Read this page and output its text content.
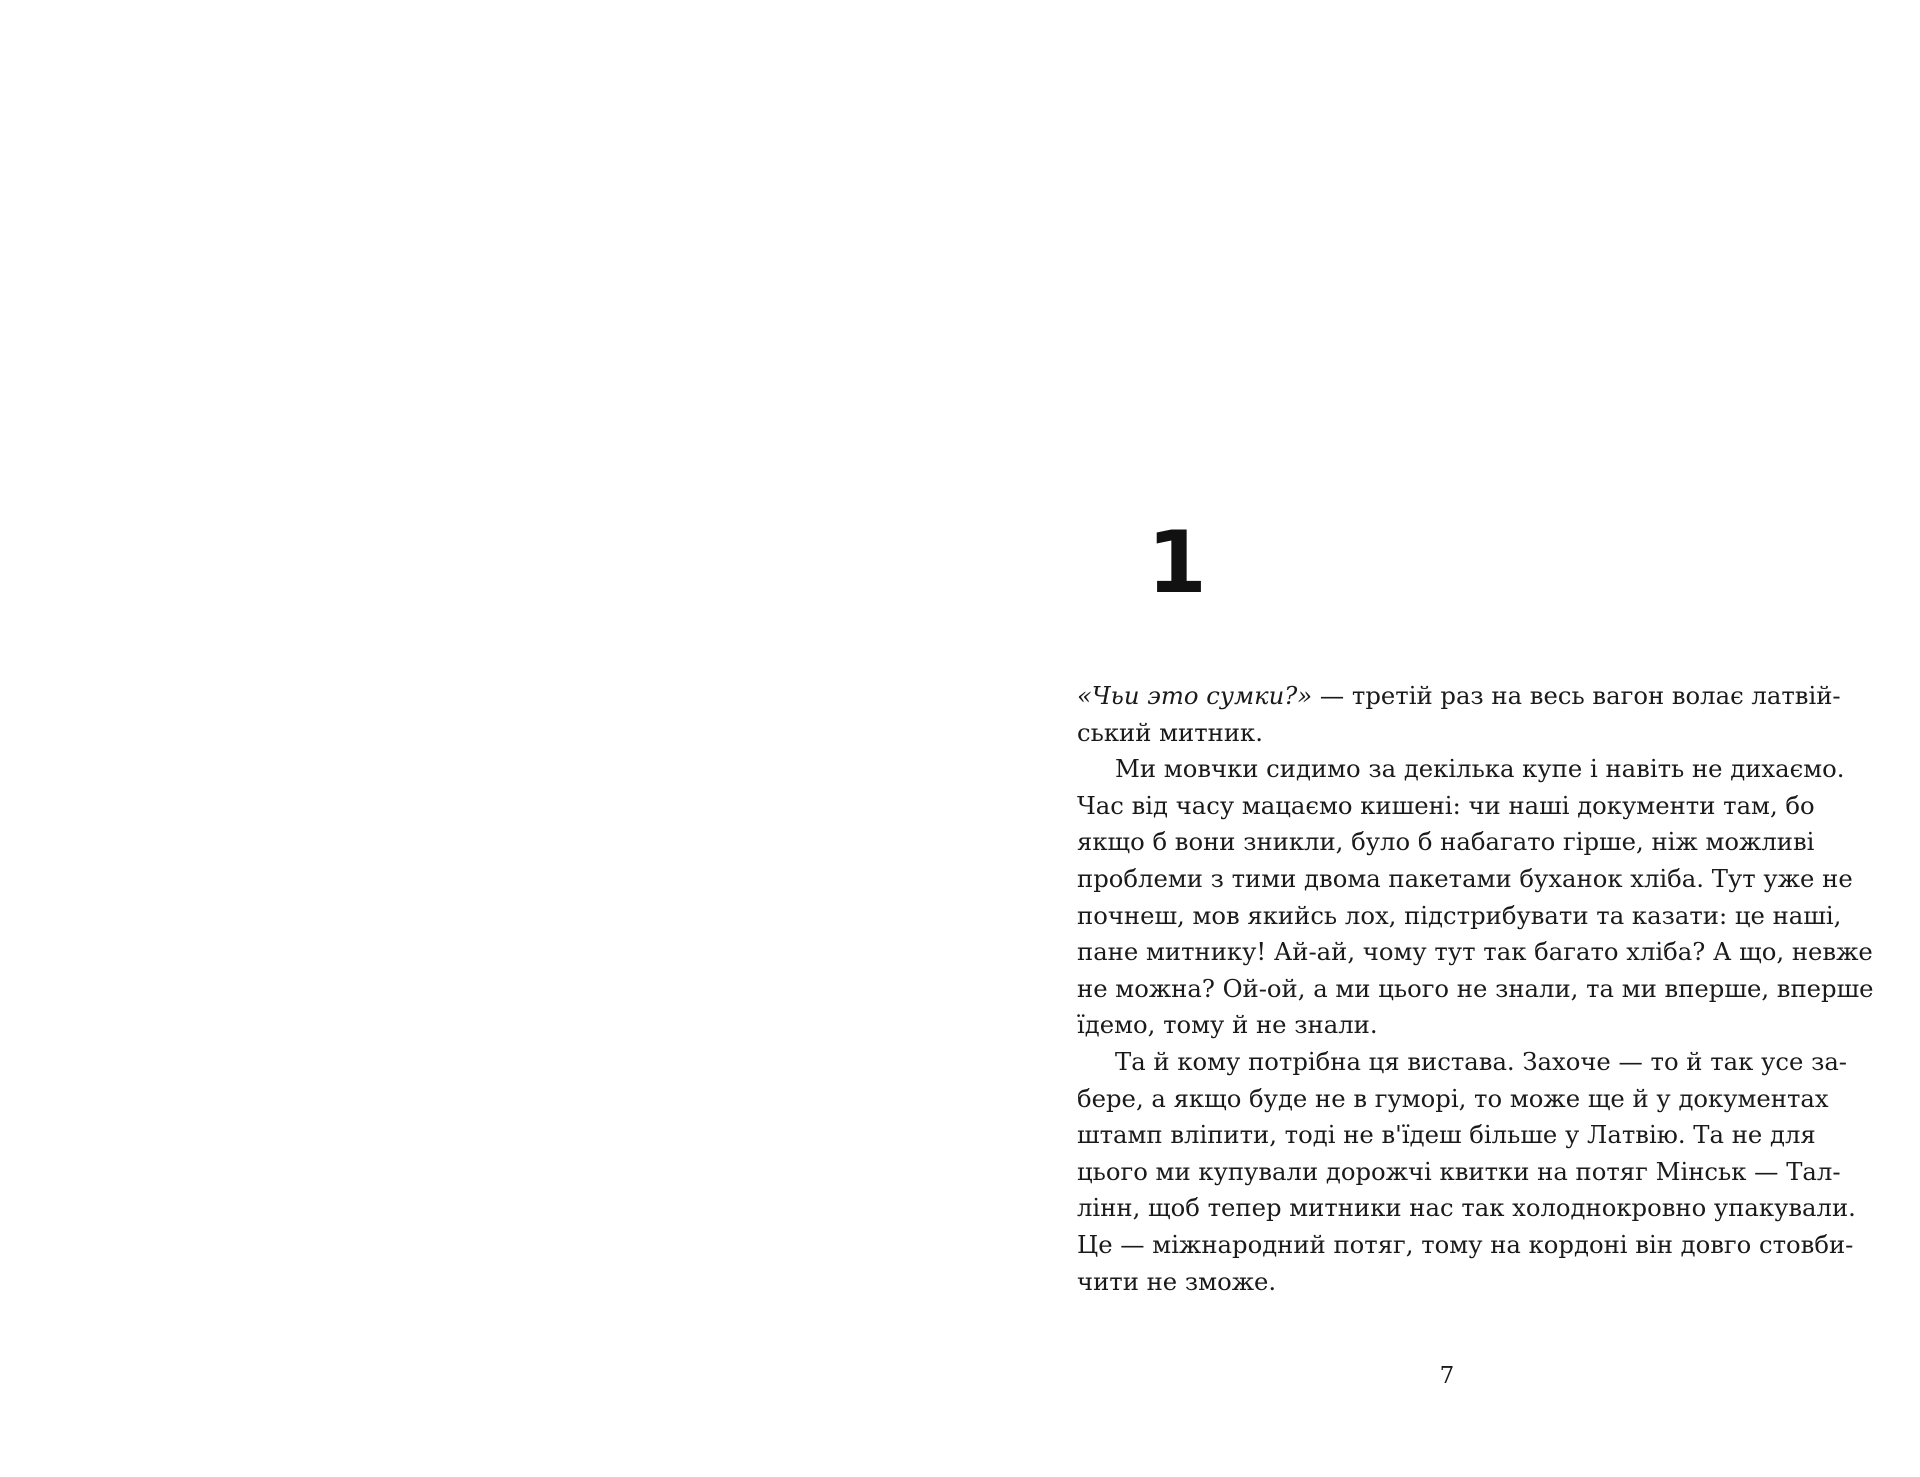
1
«Чьи это сумки?» — третій раз на весь вагон волає латвій-
ський митник.
Ми мовчки сидимо за декілька купе і навіть не дихаємо.
Час від часу мацаємо кишені: чи наші документи там, бо
якщо б вони зникли, було б набагато гірше, ніж можливі
проблеми з тими двома пакетами буханок хліба. Тут уже не
почнеш, мов якийсь лох, підстрибувати та казати: це наші,
пане митнику! Ай-ай, чому тут так багато хліба? А що, невже
не можна? Ой-ой, а ми цього не знали, та ми вперше, вперше
їдемо, тому й не знали.
Та й кому потрібна ця вистава. Захоче — то й так усе за-
бере, а якщо буде не в гуморі, то може ще й у документах
штамп вліпити, тоді не в'їдеш більше у Латвію. Та не для
цього ми купували дорожчі квитки на потяг Мінськ — Тал-
лінн, щоб тепер митники нас так холоднокровно упакували.
Це — міжнародний потяг, тому на кордоні він довго стовби-
чити не зможе.
7
